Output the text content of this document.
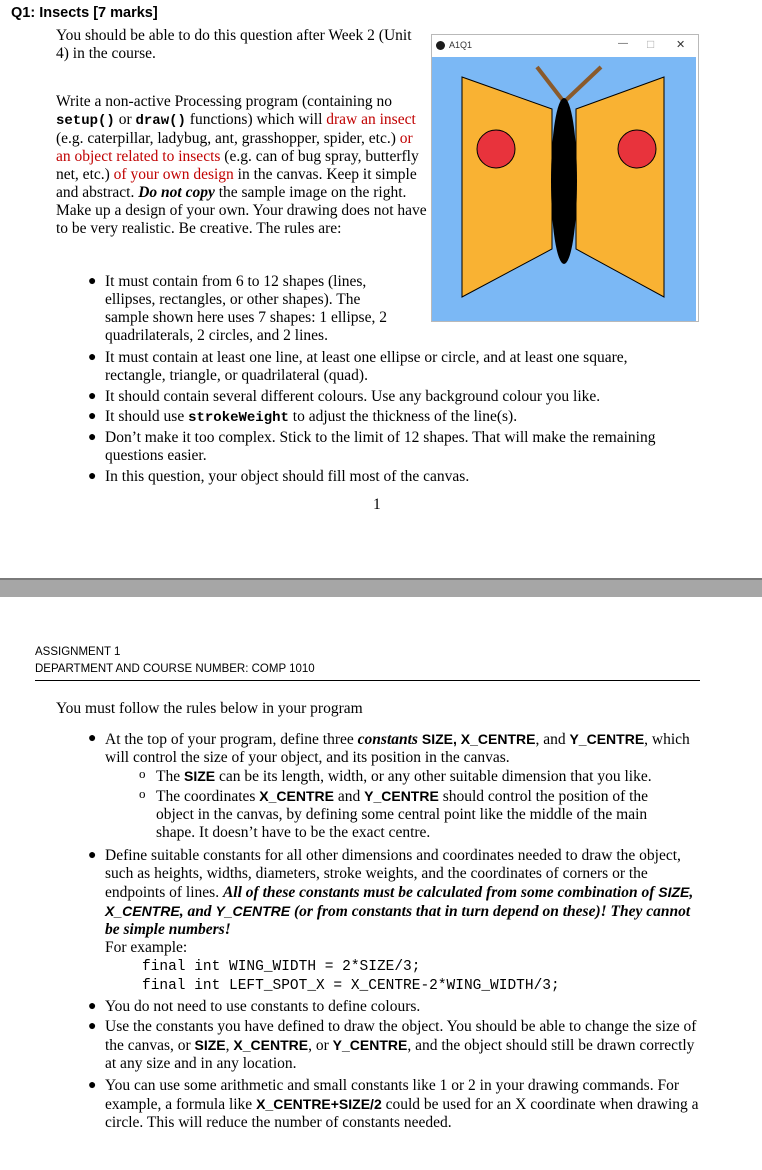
Q1: Insects [7 marks]
You should be able to do this question after Week 2 (Unit 4) in the course.
Write a non-active Processing program (containing no setup() or draw() functions) which will draw an insect (e.g. caterpillar, ladybug, ant, grasshopper, spider, etc.) or an object related to insects (e.g. can of bug spray, butterfly net, etc.) of your own design in the canvas. Keep it simple and abstract. Do not copy the sample image on the right. Make up a design of your own. Your drawing does not have to be very realistic. Be creative. The rules are:
● It must contain from 6 to 12 shapes (lines, ellipses, rectangles, or other shapes). The sample shown here uses 7 shapes: 1 ellipse, 2 quadrilaterals, 2 circles, and 2 lines.
● It must contain at least one line, at least one ellipse or circle, and at least one square, rectangle, triangle, or quadrilateral (quad).
● It should contain several different colours. Use any background colour you like.
● It should use strokeWeight to adjust the thickness of the line(s).
● Don’t make it too complex. Stick to the limit of 12 shapes. That will make the remaining questions easier.
● In this question, your object should fill most of the canvas.
1
A1Q1	— □ ✕
ASSIGNMENT 1
DEPARTMENT AND COURSE NUMBER: COMP 1010
You must follow the rules below in your program
● At the top of your program, define three constants SIZE, X_CENTRE, and Y_CENTRE, which will control the size of your object, and its position in the canvas.
o The SIZE can be its length, width, or any other suitable dimension that you like.
o The coordinates X_CENTRE and Y_CENTRE should control the position of the object in the canvas, by defining some central point like the middle of the main shape. It doesn’t have to be the exact centre.
● Define suitable constants for all other dimensions and coordinates needed to draw the object, such as heights, widths, diameters, stroke weights, and the coordinates of corners or the endpoints of lines. All of these constants must be calculated from some combination of SIZE, X_CENTRE, and Y_CENTRE (or from constants that in turn depend on these)! They cannot be simple numbers!
For example:
final int WING_WIDTH = 2*SIZE/3;
final int LEFT_SPOT_X = X_CENTRE-2*WING_WIDTH/3;
● You do not need to use constants to define colours.
● Use the constants you have defined to draw the object. You should be able to change the size of the canvas, or SIZE, X_CENTRE, or Y_CENTRE, and the object should still be drawn correctly at any size and in any location.
● You can use some arithmetic and small constants like 1 or 2 in your drawing commands. For example, a formula like X_CENTRE+SIZE/2 could be used for an X coordinate when drawing a circle. This will reduce the number of constants needed.
